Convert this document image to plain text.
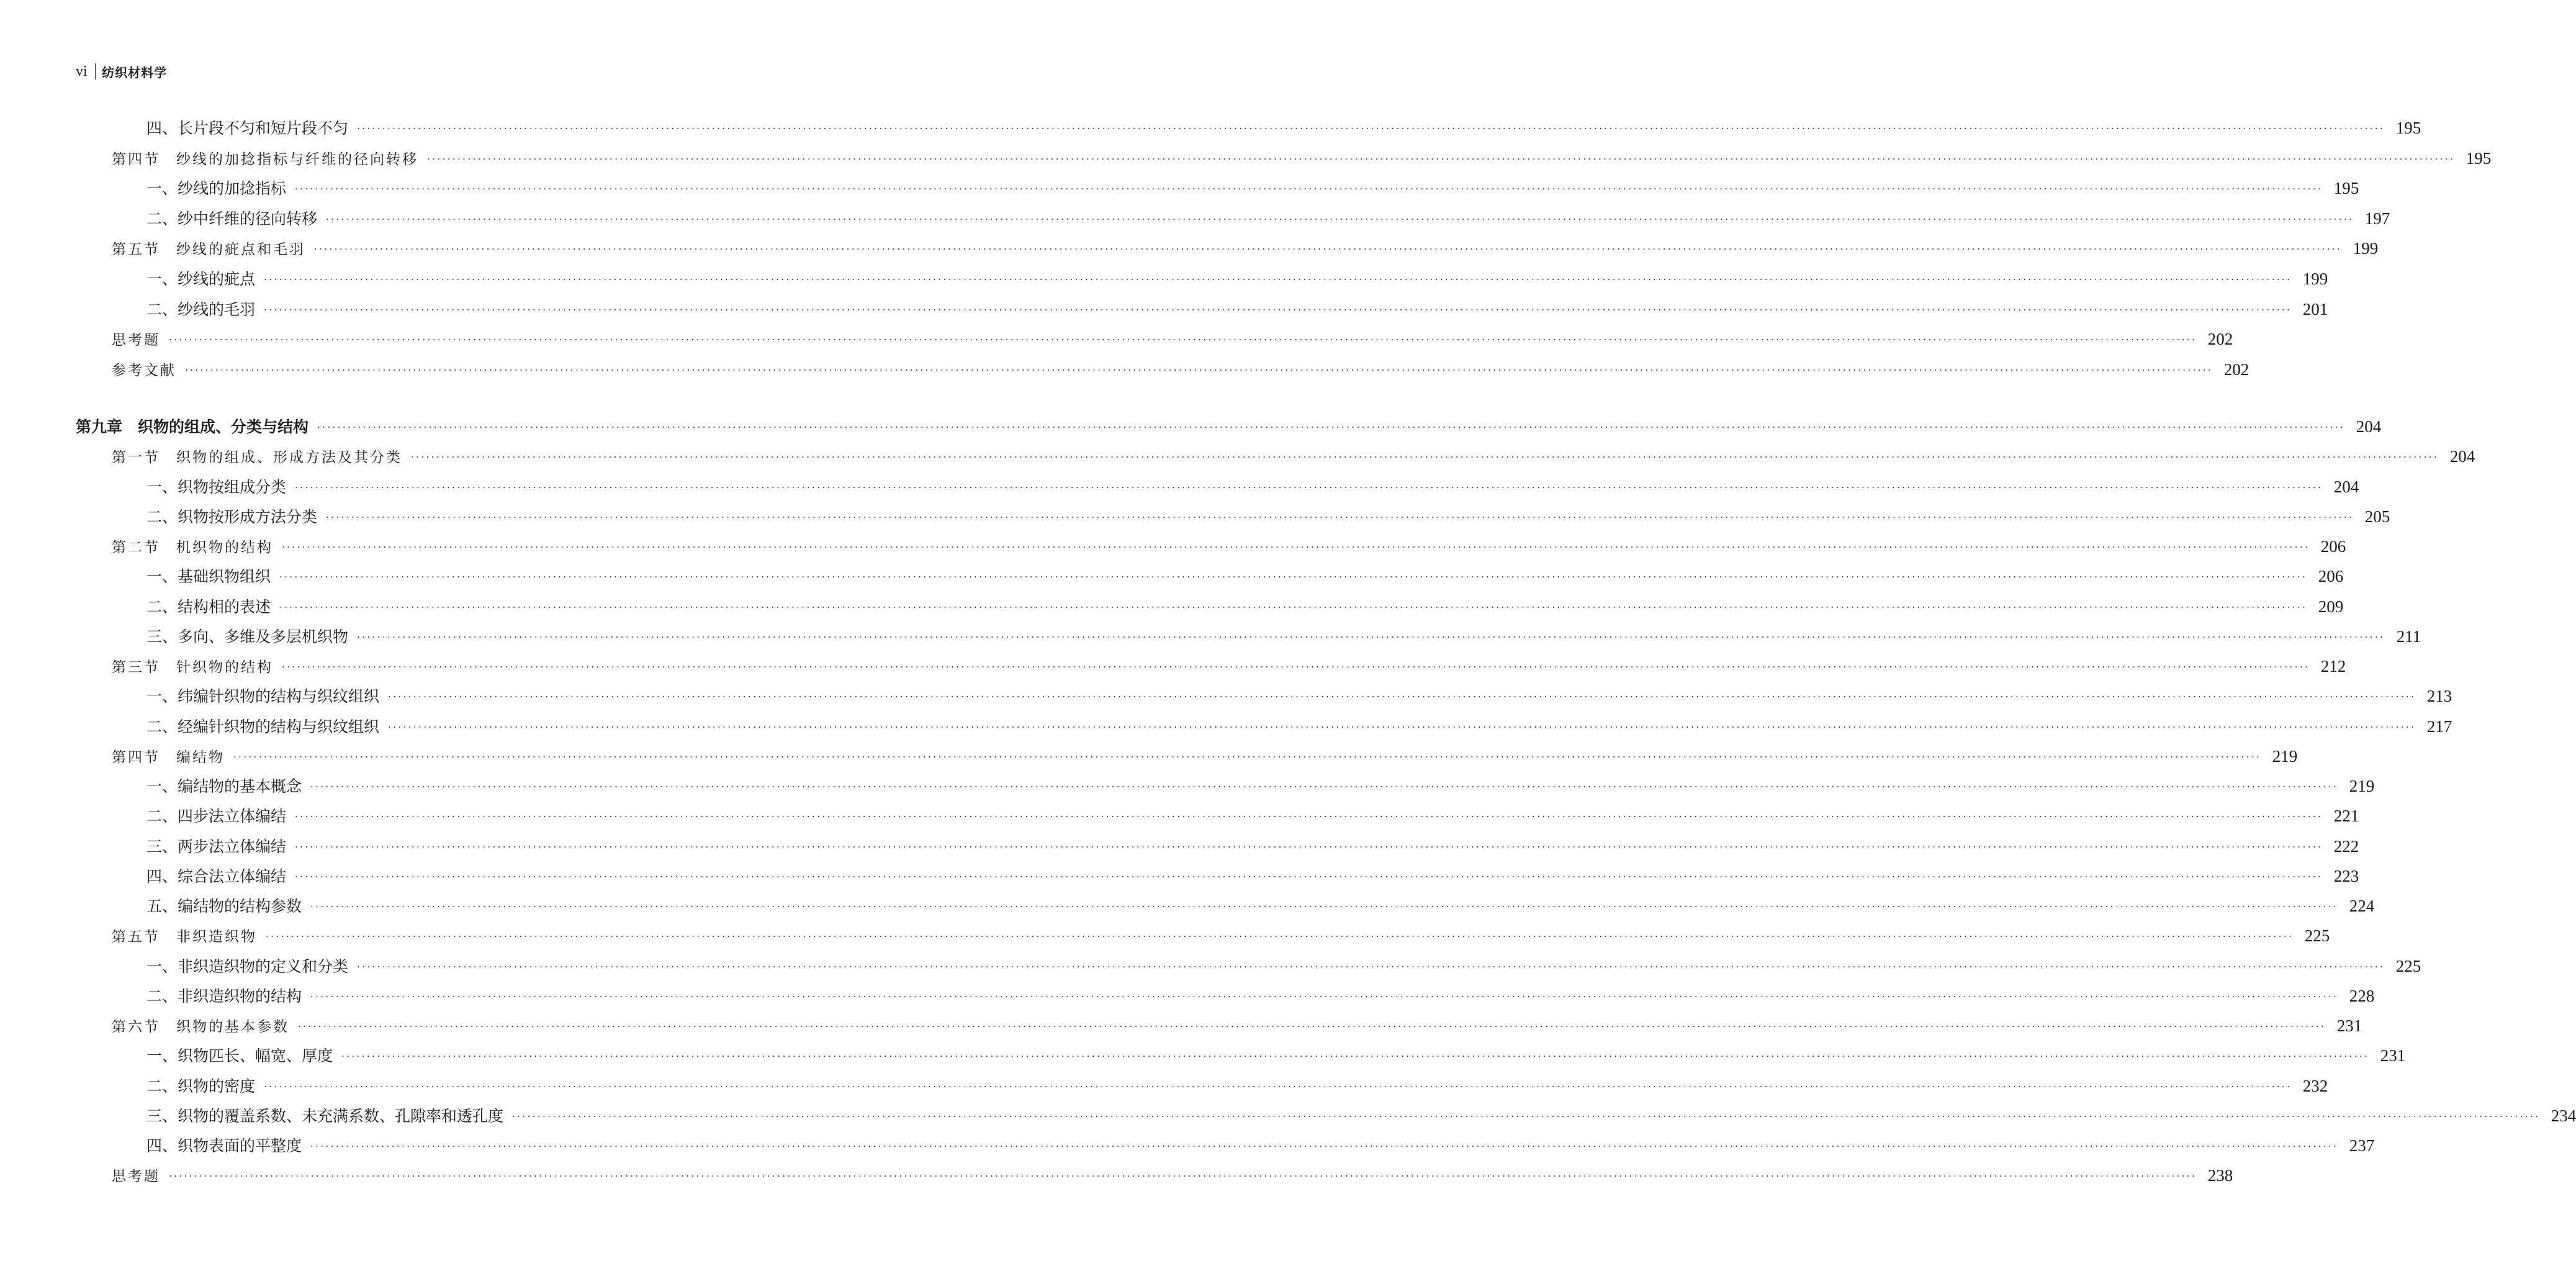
vi 纺织材料学
四、长片段不匀和短片段不匀 ················································································································································································································································································································································································································ 195
第四节　纱线的加捻指标与纤维的径向转移 ················································································································································································································································································································································································································ 195
一、纱线的加捻指标 ················································································································································································································································································································································································································ 195
二、纱中纤维的径向转移 ················································································································································································································································································································································································································ 197
第五节　纱线的疵点和毛羽 ················································································································································································································································································································································································································ 199
一、纱线的疵点 ················································································································································································································································································································································································································ 199
二、纱线的毛羽 ················································································································································································································································································································································································································ 201
思考题 ················································································································································································································································································································································································································ 202
参考文献 ················································································································································································································································································································································································································ 202
第九章　织物的组成、分类与结构 ················································································································································································································································································································································································································ 204
第一节　织物的组成、形成方法及其分类 ················································································································································································································································································································································································································ 204
一、织物按组成分类 ················································································································································································································································································································································································································ 204
二、织物按形成方法分类 ················································································································································································································································································································································································································ 205
第二节　机织物的结构 ················································································································································································································································································································································································································ 206
一、基础织物组织 ················································································································································································································································································································································································································ 206
二、结构相的表述 ················································································································································································································································································································································································································ 209
三、多向、多维及多层机织物 ················································································································································································································································································································································································································ 211
第三节　针织物的结构 ················································································································································································································································································································································································································ 212
一、纬编针织物的结构与织纹组织 ················································································································································································································································································································································································································ 213
二、经编针织物的结构与织纹组织 ················································································································································································································································································································································································································ 217
第四节　编结物 ················································································································································································································································································································································································································ 219
一、编结物的基本概念 ················································································································································································································································································································································································································ 219
二、四步法立体编结 ················································································································································································································································································································································································································ 221
三、两步法立体编结 ················································································································································································································································································································································································································ 222
四、综合法立体编结 ················································································································································································································································································································································································································ 223
五、编结物的结构参数 ················································································································································································································································································································································································································ 224
第五节　非织造织物 ················································································································································································································································································································································································································ 225
一、非织造织物的定义和分类 ················································································································································································································································································································································································································ 225
二、非织造织物的结构 ················································································································································································································································································································································································································ 228
第六节　织物的基本参数 ················································································································································································································································································································································································································ 231
一、织物匹长、幅宽、厚度 ················································································································································································································································································································································································································ 231
二、织物的密度 ················································································································································································································································································································································································································ 232
三、织物的覆盖系数、未充满系数、孔隙率和透孔度 ················································································································································································································································································································································································································ 234
四、织物表面的平整度 ················································································································································································································································································································································································································ 237
思考题 ················································································································································································································································································································································································································ 238
